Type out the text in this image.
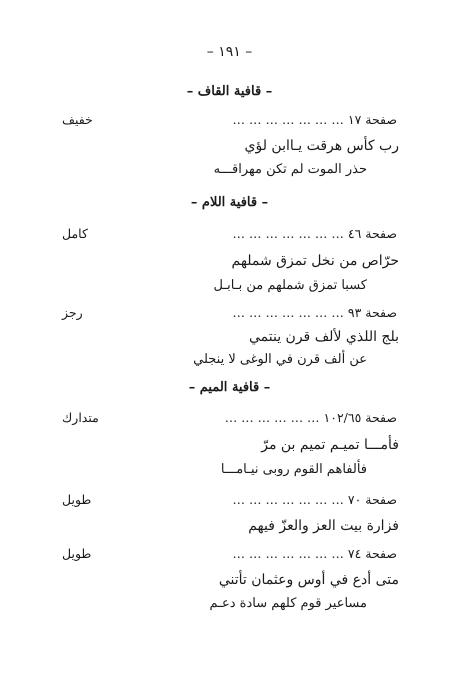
– ١٩١ –
– قافية القاف –
صفحة ١٧ … … … … … … …
خفيف
رب كأس هرقت يـاابن لؤي
حذر الموت لم تكن مهراقـــه
– قافية اللام –
صفحة ٤٦ … … … … … … …
كامل
حرّاص من نخل تمزق شملهم
كسبا تمزق شملهم من بـابـل
صفحة ٩٣ … … … … … … …
رجز
بلج اللذي لألف قرن ينتمي
عن ألف قرن في الوغى لا ينجلي
– قافية الميم –
صفحة ١٠٢/٦٥ … … … … … …
متدارك
فأمـــا تميـم تميم بن مرّ
فألفاهم القوم روبى نيـامـــا
صفحة ٧٠ … … … … … … …
طويل
فزارة بيت العز والعزّ فيهم
صفحة ٧٤ … … … … … … …
طويل
متى أدع في أوس وعثمان تأتني
مساعير قوم كلهم سادة دعـم
